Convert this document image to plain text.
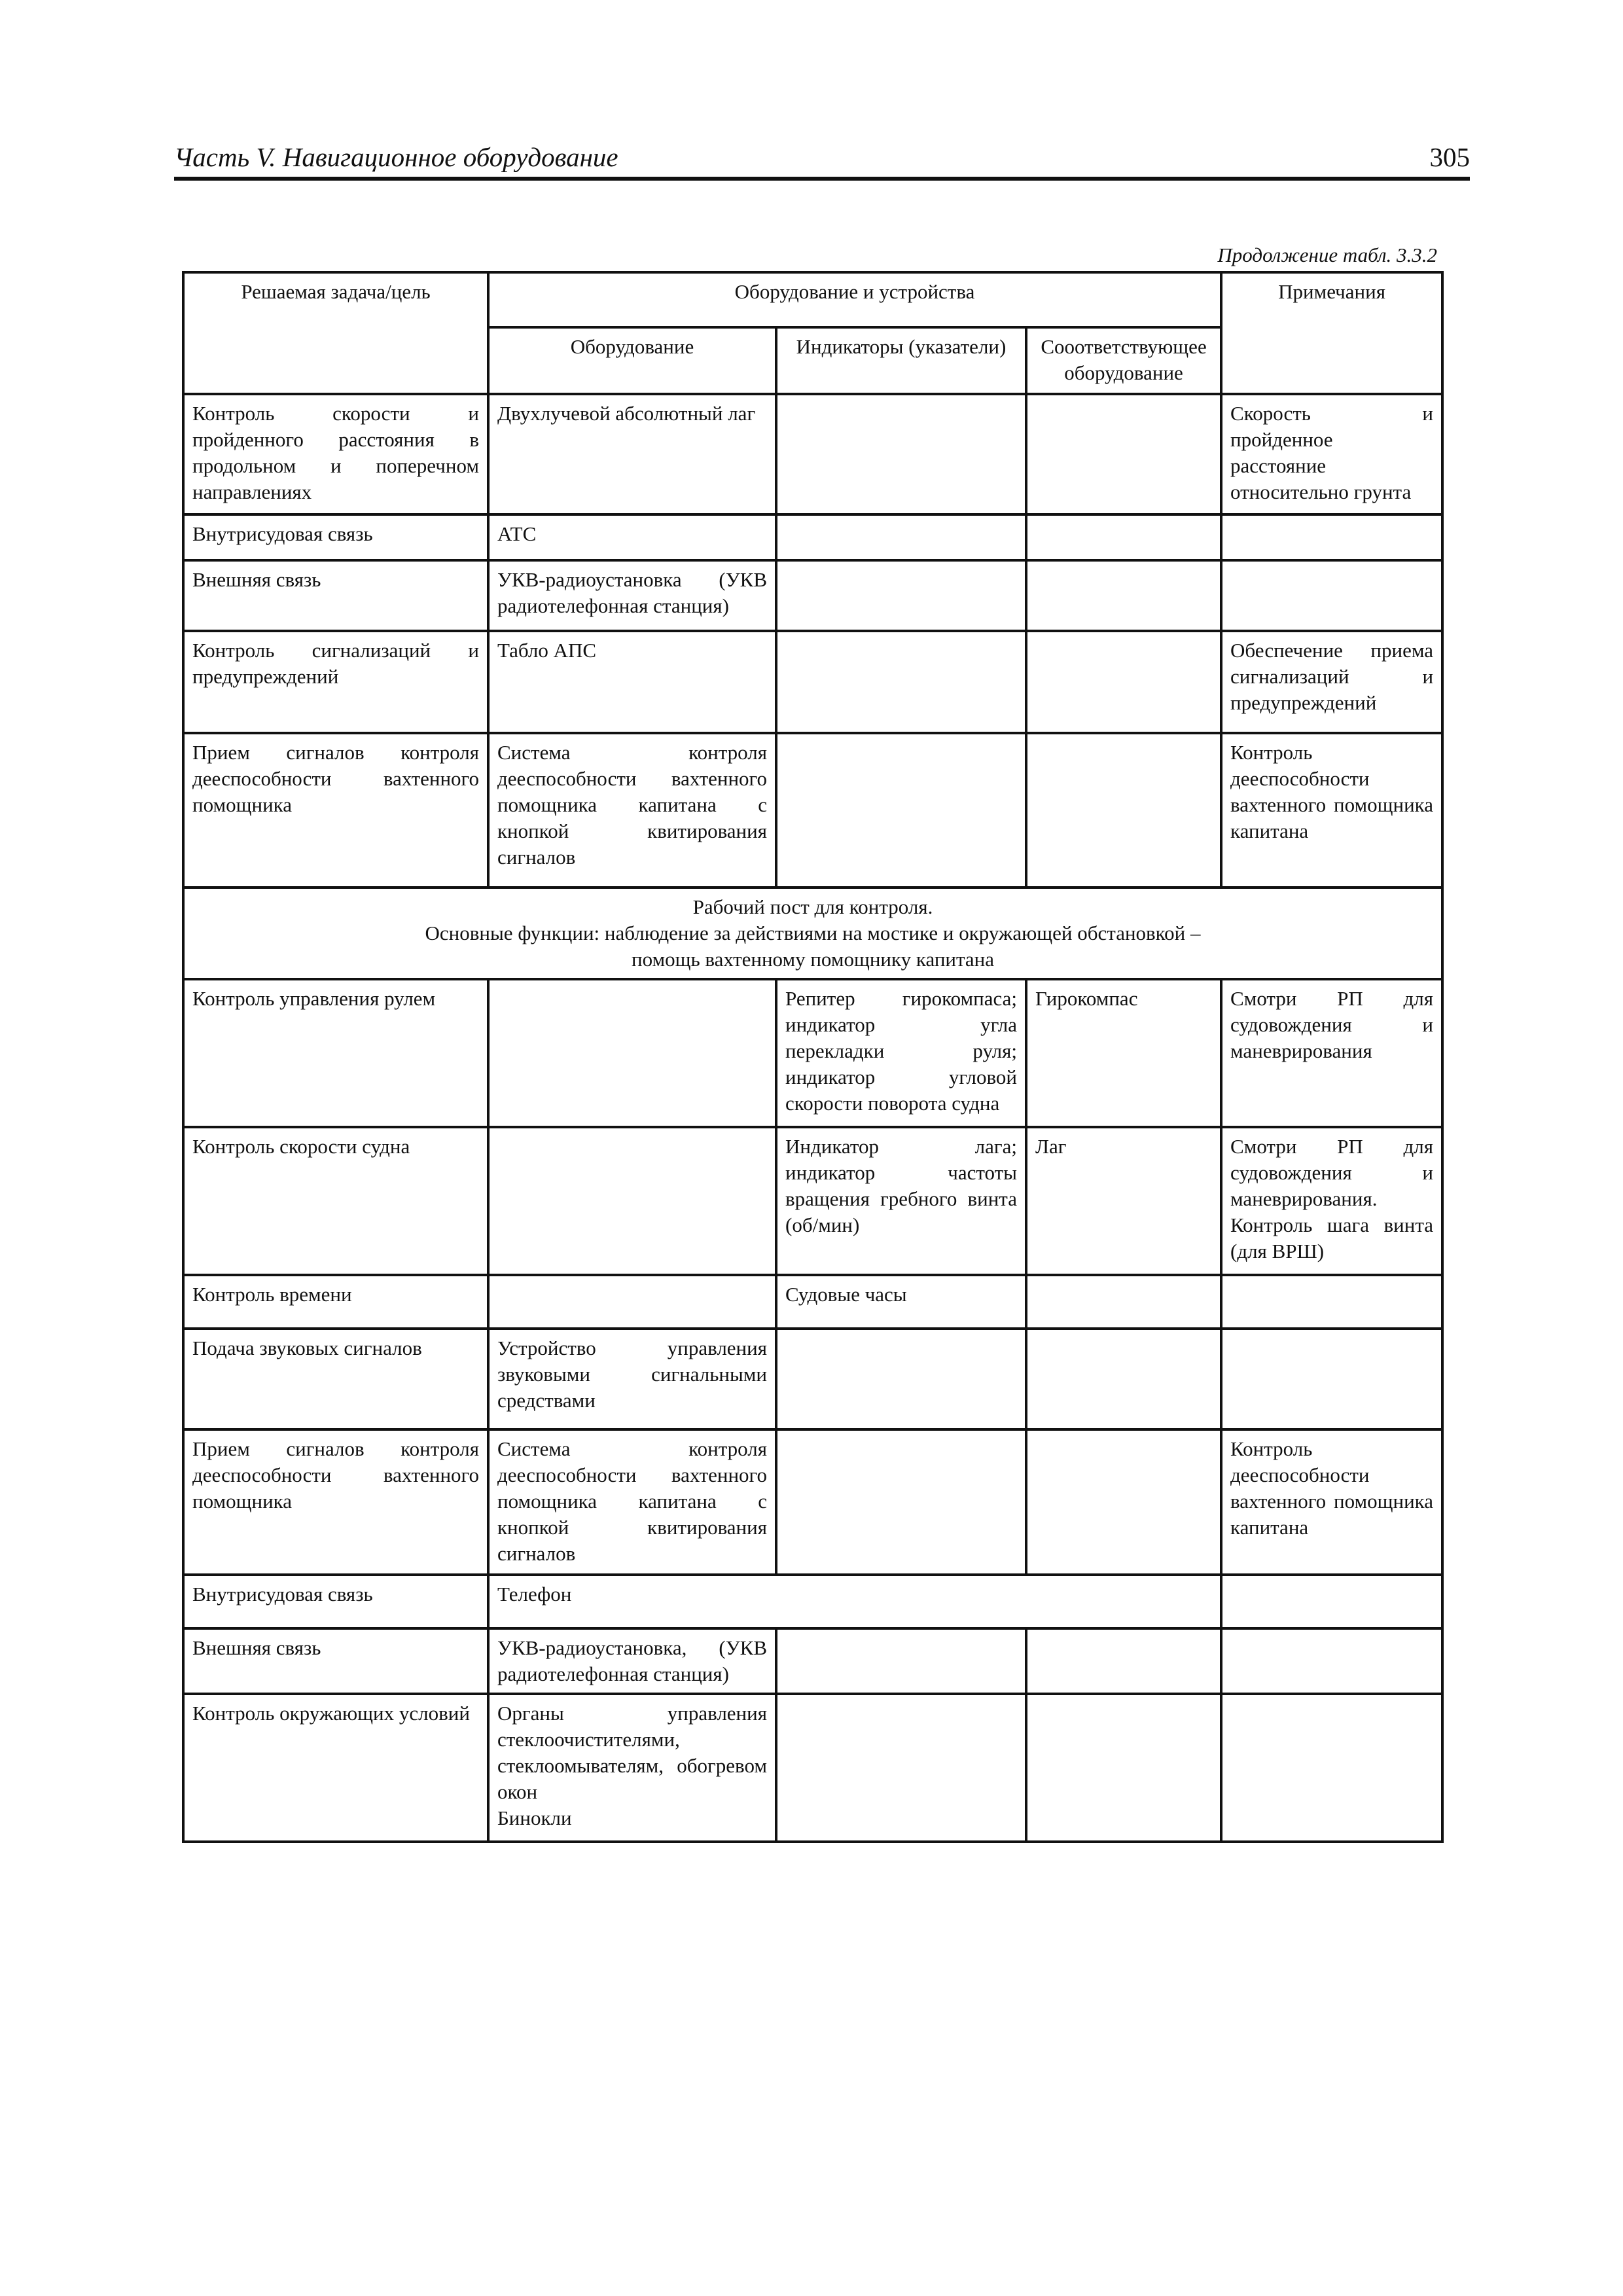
Часть V. Навигационное оборудование	305
Продолжение табл. 3.3.2
Решаемая задача/цель	Оборудование и устройства			Примечания
	Оборудование	Индикаторы (указатели)	Сооответствующее оборудование	
Контроль скорости и пройденного расстояния в продольном и поперечном направлениях	Двухлучевой абсолютный лаг			Скорость и пройденное расстояние относительно грунта
Внутрисудовая связь	АТС			
Внешняя связь	УКВ-радиоустановка (УКВ радиотелефонная станция)			
Контроль сигнализаций и предупреждений	Табло АПС			Обеспечение приема сигнализаций и предупреждений
Прием сигналов контроля дееспособности вахтенного помощника	Система контроля дееспособности вахтенного помощника капитана с кнопкой квитирования сигналов			Контроль дееспособности вахтенного помощника капитана

Рабочий пост для контроля.
Основные функции: наблюдение за действиями на мостике и окружающей обстановкой –
помощь вахтенному помощнику капитана				

Контроль управления рулем		Репитер гирокомпаса; индикатор угла перекладки руля; индикатор угловой скорости поворота судна	Гирокомпас	Смотри РП для судовождения и маневрирования
Контроль скорости судна		Индикатор лага; индикатор частоты вращения гребного винта (об/мин)	Лаг	Смотри РП для судовождения и маневрирования. Контроль шага винта (для ВРШ)
Контроль времени		Судовые часы		
Подача звуковых сигналов	Устройство управления звуковыми сигнальными средствами			
Прием сигналов контроля дееспособности вахтенного помощника	Система контроля дееспособности вахтенного помощника капитана с кнопкой квитирования сигналов			Контроль дееспособности вахтенного помощника капитана
Внутрисудовая связь	Телефон			
Внешняя связь	УКВ-радиоустановка, (УКВ радиотелефонная станция)			
Контроль окружающих условий	Органы управления стеклоочистителями, стеклоомывателям, обогревом окон
Бинокли			
